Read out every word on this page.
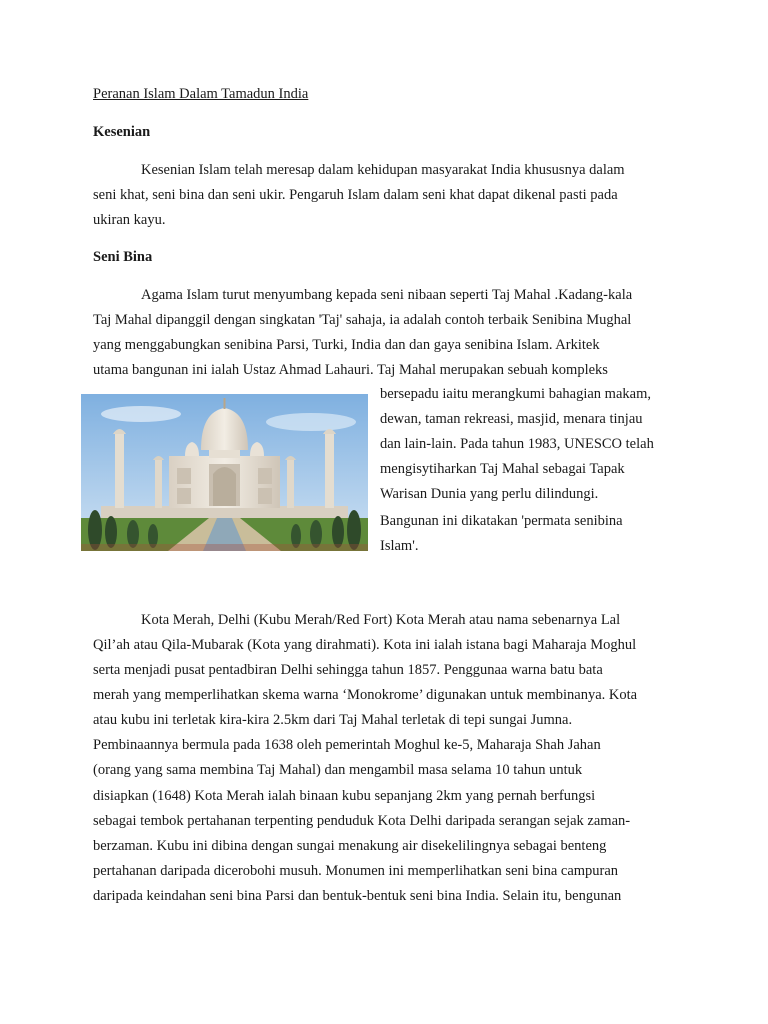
Peranan Islam Dalam Tamadun India
Kesenian
Kesenian Islam telah meresap dalam kehidupan masyarakat India khususnya dalam
seni khat, seni bina dan seni ukir. Pengaruh Islam dalam seni khat dapat dikenal pasti pada
ukiran kayu.
Seni Bina
Agama Islam turut menyumbang kepada seni nibaan seperti Taj Mahal .Kadang-kala
Taj Mahal dipanggil dengan singkatan 'Taj' sahaja, ia adalah contoh terbaik Senibina Mughal
yang menggabungkan senibina Parsi, Turki, India dan dan gaya senibina Islam. Arkitek
utama bangunan ini ialah Ustaz Ahmad Lahauri. Taj Mahal merupakan sebuah kompleks
bersepadu iaitu merangkumi bahagian makam,
dewan, taman rekreasi, masjid, menara tinjau
dan lain-lain. Pada tahun 1983, UNESCO telah
mengisytiharkan Taj Mahal sebagai Tapak
Warisan Dunia yang perlu dilindungi.
Bangunan ini dikatakan 'permata senibina
Islam'.
Kota Merah, Delhi (Kubu Merah/Red Fort) Kota Merah atau nama sebenarnya Lal
Qil’ah atau Qila-Mubarak (Kota yang dirahmati). Kota ini ialah istana bagi Maharaja Moghul
serta menjadi pusat pentadbiran Delhi sehingga tahun 1857. Penggunaa warna batu bata
merah yang memperlihatkan skema warna ‘Monokrome’ digunakan untuk membinanya. Kota
atau kubu ini terletak kira-kira 2.5km dari Taj Mahal terletak di tepi sungai Jumna.
Pembinaannya bermula pada 1638 oleh pemerintah Moghul ke-5, Maharaja Shah Jahan
(orang yang sama membina Taj Mahal) dan mengambil masa selama 10 tahun untuk
disiapkan (1648) Kota Merah ialah binaan kubu sepanjang 2km yang pernah berfungsi
sebagai tembok pertahanan terpenting penduduk Kota Delhi daripada serangan sejak zaman-
berzaman. Kubu ini dibina dengan sungai menakung air disekelilingnya sebagai benteng
pertahanan daripada dicerobohi musuh. Monumen ini memperlihatkan seni bina campuran
daripada keindahan seni bina Parsi dan bentuk-bentuk seni bina India. Selain itu, bengunan
